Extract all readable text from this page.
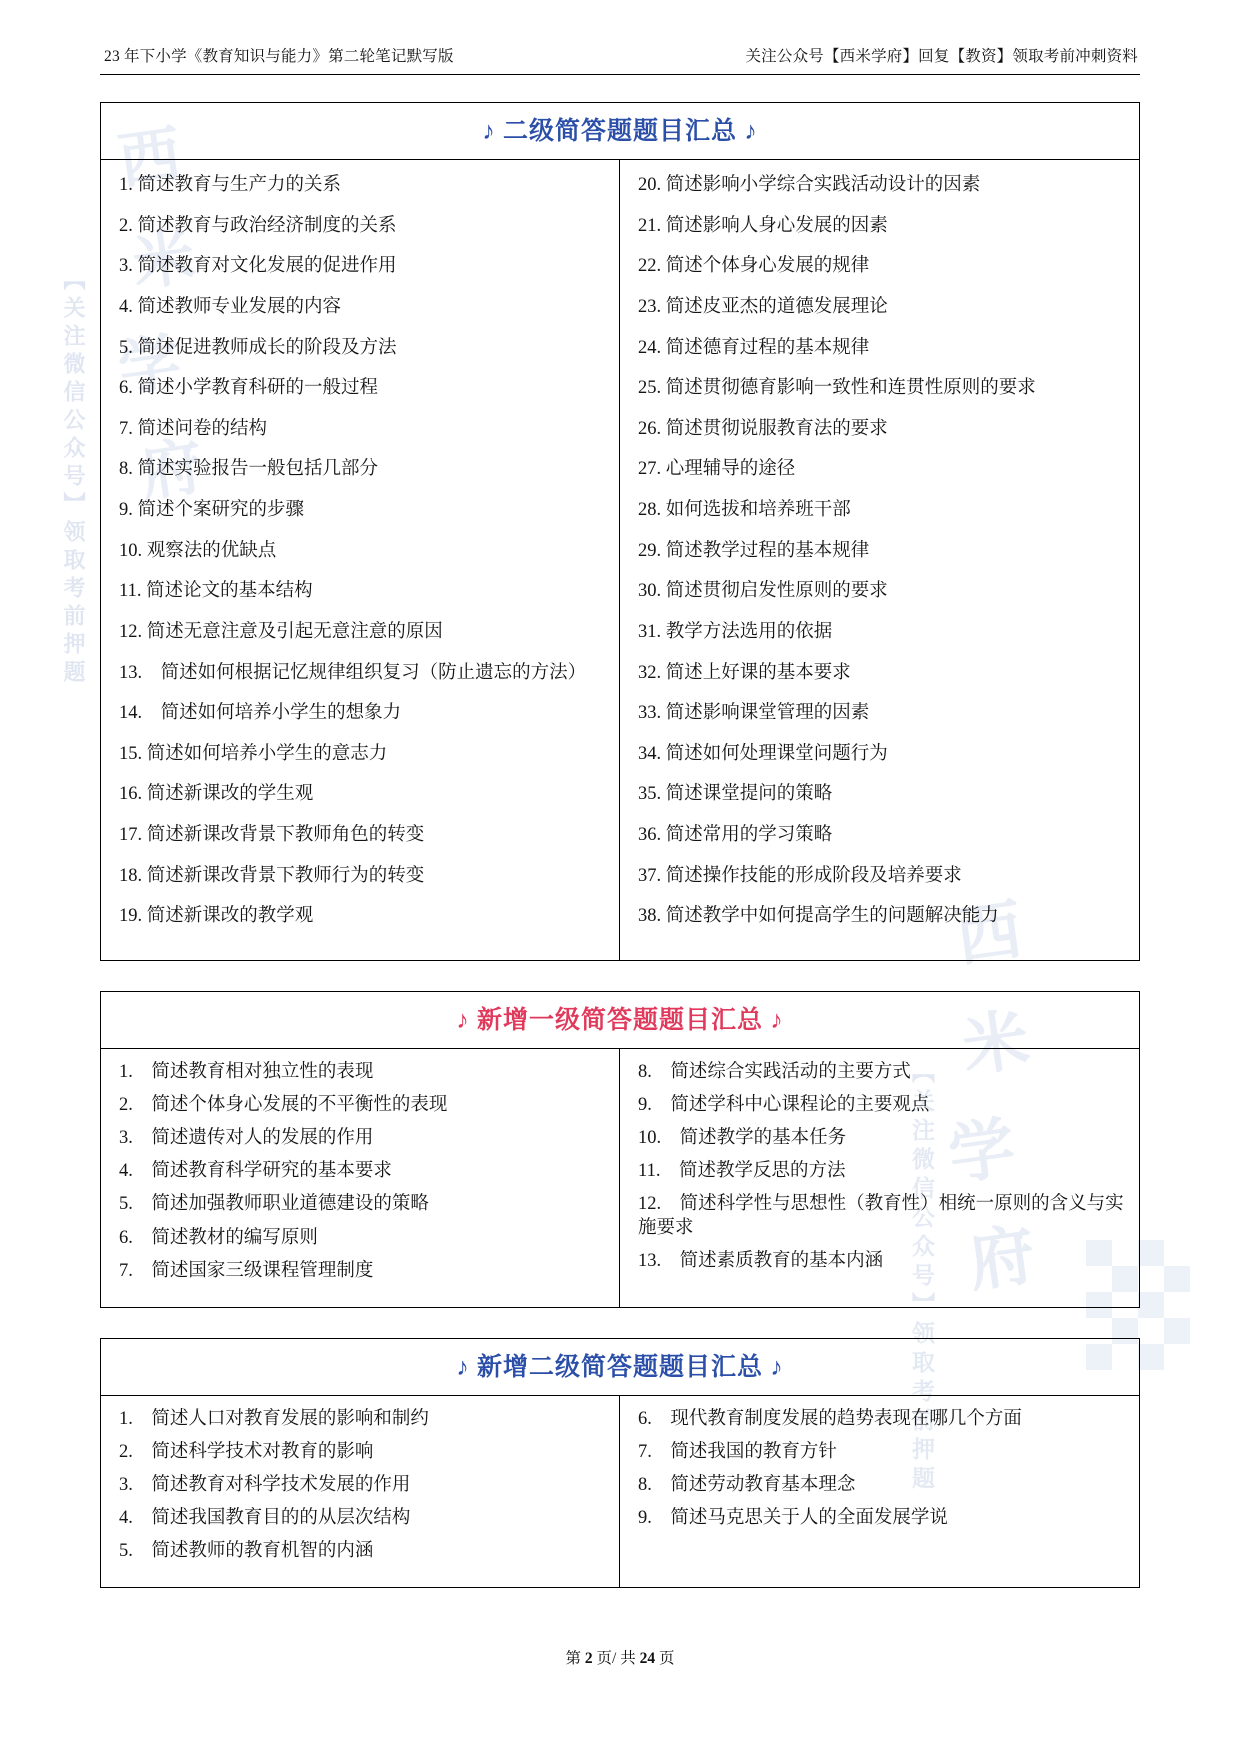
西
米
学
府
【关注微信公众号】领取考前押题
西
米
学
府
【关注微信公众号】领取考前押题
23 年下小学《教育知识与能力》第二轮笔记默写版	关注公众号【西米学府】回复【教资】领取考前冲刺资料
♪ 二级简答题题目汇总 ♪
1. 简述教育与生产力的关系
2. 简述教育与政治经济制度的关系
3. 简述教育对文化发展的促进作用
4. 简述教师专业发展的内容
5. 简述促进教师成长的阶段及方法
6. 简述小学教育科研的一般过程
7. 简述问卷的结构
8. 简述实验报告一般包括几部分
9. 简述个案研究的步骤
10. 观察法的优缺点
11. 简述论文的基本结构
12. 简述无意注意及引起无意注意的原因
13.　简述如何根据记忆规律组织复习（防止遗忘的方法）
14.　简述如何培养小学生的想象力
15. 简述如何培养小学生的意志力
16. 简述新课改的学生观
17. 简述新课改背景下教师角色的转变
18. 简述新课改背景下教师行为的转变
19. 简述新课改的教学观
20. 简述影响小学综合实践活动设计的因素
21. 简述影响人身心发展的因素
22. 简述个体身心发展的规律
23. 简述皮亚杰的道德发展理论
24. 简述德育过程的基本规律
25. 简述贯彻德育影响一致性和连贯性原则的要求
26. 简述贯彻说服教育法的要求
27. 心理辅导的途径
28. 如何选拔和培养班干部
29. 简述教学过程的基本规律
30. 简述贯彻启发性原则的要求
31. 教学方法选用的依据
32. 简述上好课的基本要求
33. 简述影响课堂管理的因素
34. 简述如何处理课堂问题行为
35. 简述课堂提问的策略
36. 简述常用的学习策略
37. 简述操作技能的形成阶段及培养要求
38. 简述教学中如何提高学生的问题解决能力
♪ 新增一级简答题题目汇总 ♪
1.　简述教育相对独立性的表现
2.　简述个体身心发展的不平衡性的表现
3.　简述遗传对人的发展的作用
4.　简述教育科学研究的基本要求
5.　简述加强教师职业道德建设的策略
6.　简述教材的编写原则
7.　简述国家三级课程管理制度
8.　简述综合实践活动的主要方式
9.　简述学科中心课程论的主要观点
10.　简述教学的基本任务
11.　简述教学反思的方法
12.　简述科学性与思想性（教育性）相统一原则的含义与实施要求
13.　简述素质教育的基本内涵
♪ 新增二级简答题题目汇总 ♪
1.　简述人口对教育发展的影响和制约
2.　简述科学技术对教育的影响
3.　简述教育对科学技术发展的作用
4.　简述我国教育目的的从层次结构
5.　简述教师的教育机智的内涵
6.　现代教育制度发展的趋势表现在哪几个方面
7.　简述我国的教育方针
8.　简述劳动教育基本理念
9.　简述马克思关于人的全面发展学说
第 2 页/ 共 24 页
